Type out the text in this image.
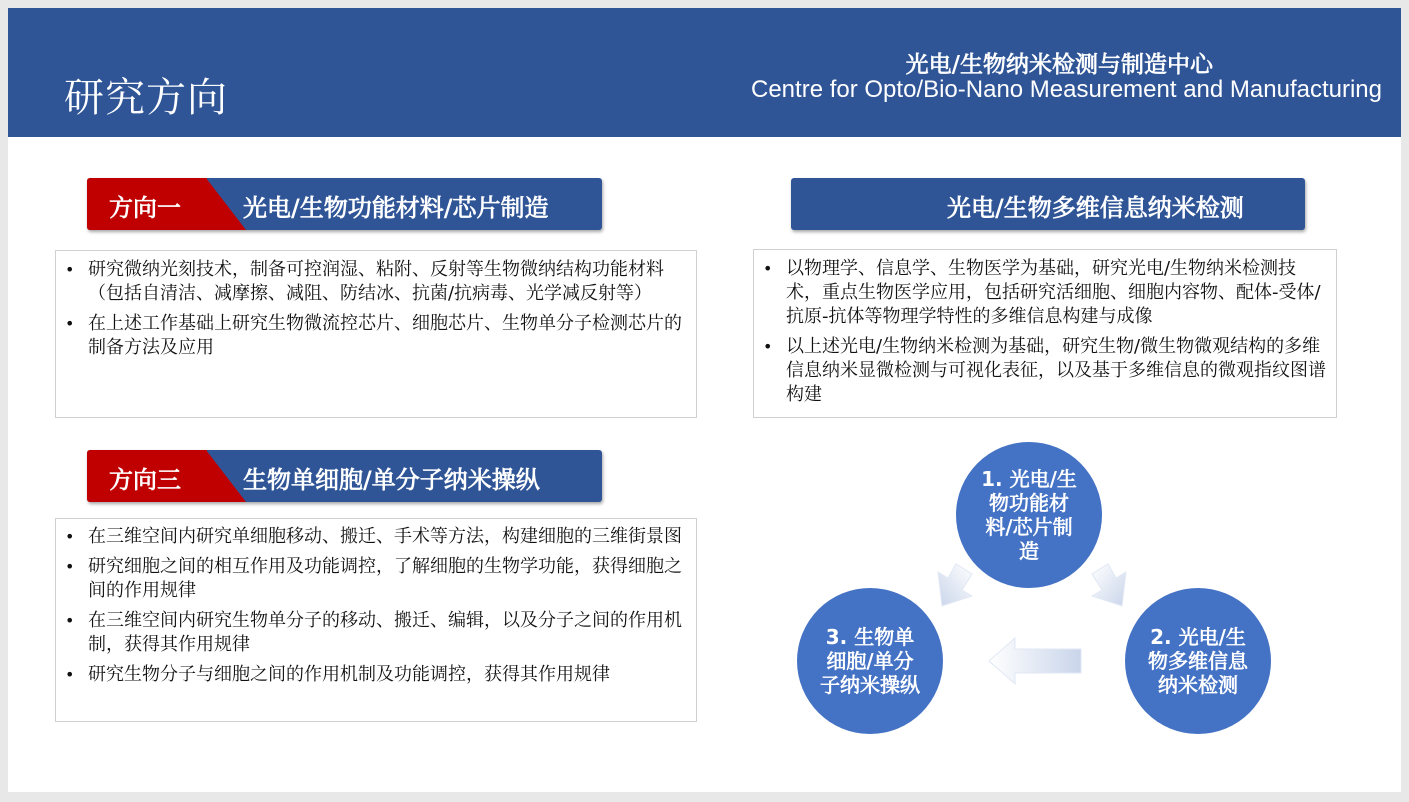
研究方向
光电/生物纳米检测与制造中心
Centre for Opto/Bio-Nano Measurement and Manufacturing
方向一	光电/生物功能材料/芯片制造
• 研究微纳光刻技术，制备可控润湿、粘附、反射等生物微纳结构功能材料（包括自清洁、减摩擦、减阻、防结冰、抗菌/抗病毒、光学减反射等）
• 在上述工作基础上研究生物微流控芯片、细胞芯片、生物单分子检测芯片的制备方法及应用
光电/生物多维信息纳米检测
• 以物理学、信息学、生物医学为基础，研究光电/生物纳米检测技术，重点生物医学应用，包括研究活细胞、细胞内容物、配体-受体/抗原-抗体等物理学特性的多维信息构建与成像
• 以上述光电/生物纳米检测为基础，研究生物/微生物微观结构的多维信息纳米显微检测与可视化表征，以及基于多维信息的微观指纹图谱构建
方向三	生物单细胞/单分子纳米操纵
• 在三维空间内研究单细胞移动、搬迁、手术等方法，构建细胞的三维街景图
• 研究细胞之间的相互作用及功能调控，了解细胞的生物学功能，获得细胞之间的作用规律
• 在三维空间内研究生物单分子的移动、搬迁、编辑，以及分子之间的作用机制，获得其作用规律
• 研究生物分子与细胞之间的作用机制及功能调控，获得其作用规律
1. 光电/生物功能材料/芯片制造
2. 光电/生物多维信息纳米检测
3. 生物单细胞/单分子纳米操纵
